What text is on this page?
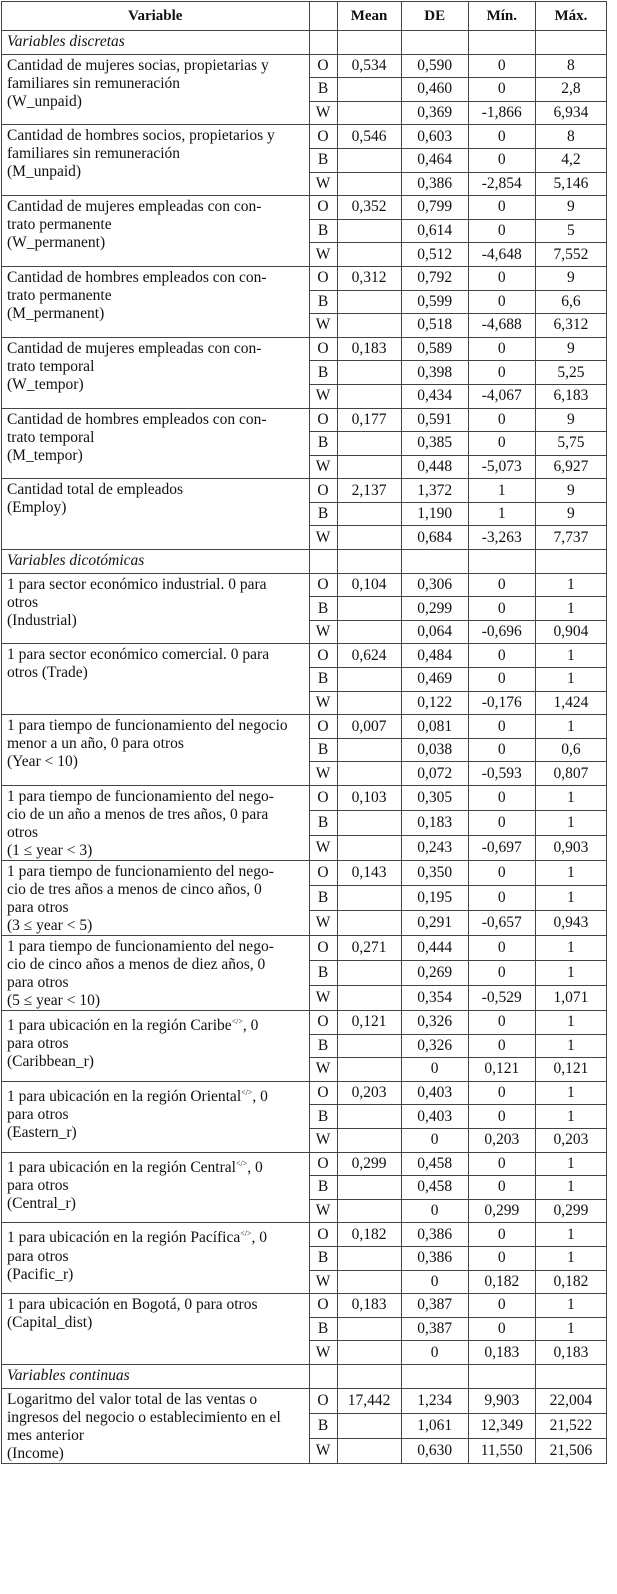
Variable		Mean	DE	Mín.	Máx.
Variables discretas					
Cantidad de mujeres socias, propietarias y
familiares sin remuneración
(W_unpaid)	O	0,534	0,590	0	8
	B		0,460	0	2,8
	W		0,369	-1,866	6,934
Cantidad de hombres socios, propietarios y
familiares sin remuneración
(M_unpaid)	O	0,546	0,603	0	8
	B		0,464	0	4,2
	W		0,386	-2,854	5,146
Cantidad de mujeres empleadas con con-
trato permanente
(W_permanent)	O	0,352	0,799	0	9
	B		0,614	0	5
	W		0,512	-4,648	7,552
Cantidad de hombres empleados con con-
trato permanente
(M_permanent)	O	0,312	0,792	0	9
	B		0,599	0	6,6
	W		0,518	-4,688	6,312
Cantidad de mujeres empleadas con con-
trato temporal
(W_tempor)	O	0,183	0,589	0	9
	B		0,398	0	5,25
	W		0,434	-4,067	6,183
Cantidad de hombres empleados con con-
trato temporal
(M_tempor)	O	0,177	0,591	0	9
	B		0,385	0	5,75
	W		0,448	-5,073	6,927
Cantidad total de empleados
(Employ)	O	2,137	1,372	1	9
	B		1,190	1	9
	W		0,684	-3,263	7,737
Variables dicotómicas					
1 para sector económico industrial. 0 para
otros
(Industrial)	O	0,104	0,306	0	1
	B		0,299	0	1
	W		0,064	-0,696	0,904
1 para sector económico comercial. 0 para
otros (Trade)	O	0,624	0,484	0	1
	B		0,469	0	1
	W		0,122	-0,176	1,424
1 para tiempo de funcionamiento del negocio
menor a un año, 0 para otros
(Year < 10)	O	0,007	0,081	0	1
	B		0,038	0	0,6
	W		0,072	-0,593	0,807
1 para tiempo de funcionamiento del nego-
cio de un año a menos de tres años, 0 para
otros
(1 ≤ year < 3)	O	0,103	0,305	0	1
	B		0,183	0	1
	W		0,243	-0,697	0,903
1 para tiempo de funcionamiento del nego-
cio de tres años a menos de cinco años, 0
para otros
(3 ≤ year < 5)	O	0,143	0,350	0	1
	B		0,195	0	1
	W		0,291	-0,657	0,943
1 para tiempo de funcionamiento del nego-
cio de cinco años a menos de diez años, 0
para otros
(5 ≤ year < 10)	O	0,271	0,444	0	1
	B		0,269	0	1
	W		0,354	-0,529	1,071
1 para ubicación en la región Caribe</>, 0
para otros
(Caribbean_r)	O	0,121	0,326	0	1
	B		0,326	0	1
	W		0	0,121	0,121
1 para ubicación en la región Oriental</>, 0
para otros
(Eastern_r)	O	0,203	0,403	0	1
	B		0,403	0	1
	W		0	0,203	0,203
1 para ubicación en la región Central</>, 0
para otros
(Central_r)	O	0,299	0,458	0	1
	B		0,458	0	1
	W		0	0,299	0,299
1 para ubicación en la región Pacífica</>, 0
para otros
(Pacific_r)	O	0,182	0,386	0	1
	B		0,386	0	1
	W		0	0,182	0,182
1 para ubicación en Bogotá, 0 para otros
(Capital_dist)	O	0,183	0,387	0	1
	B		0,387	0	1
	W		0	0,183	0,183
Variables continuas					
Logaritmo del valor total de las ventas o
ingresos del negocio o establecimiento en el
mes anterior
(Income)	O	17,442	1,234	9,903	22,004
	B		1,061	12,349	21,522
	W		0,630	11,550	21,506
